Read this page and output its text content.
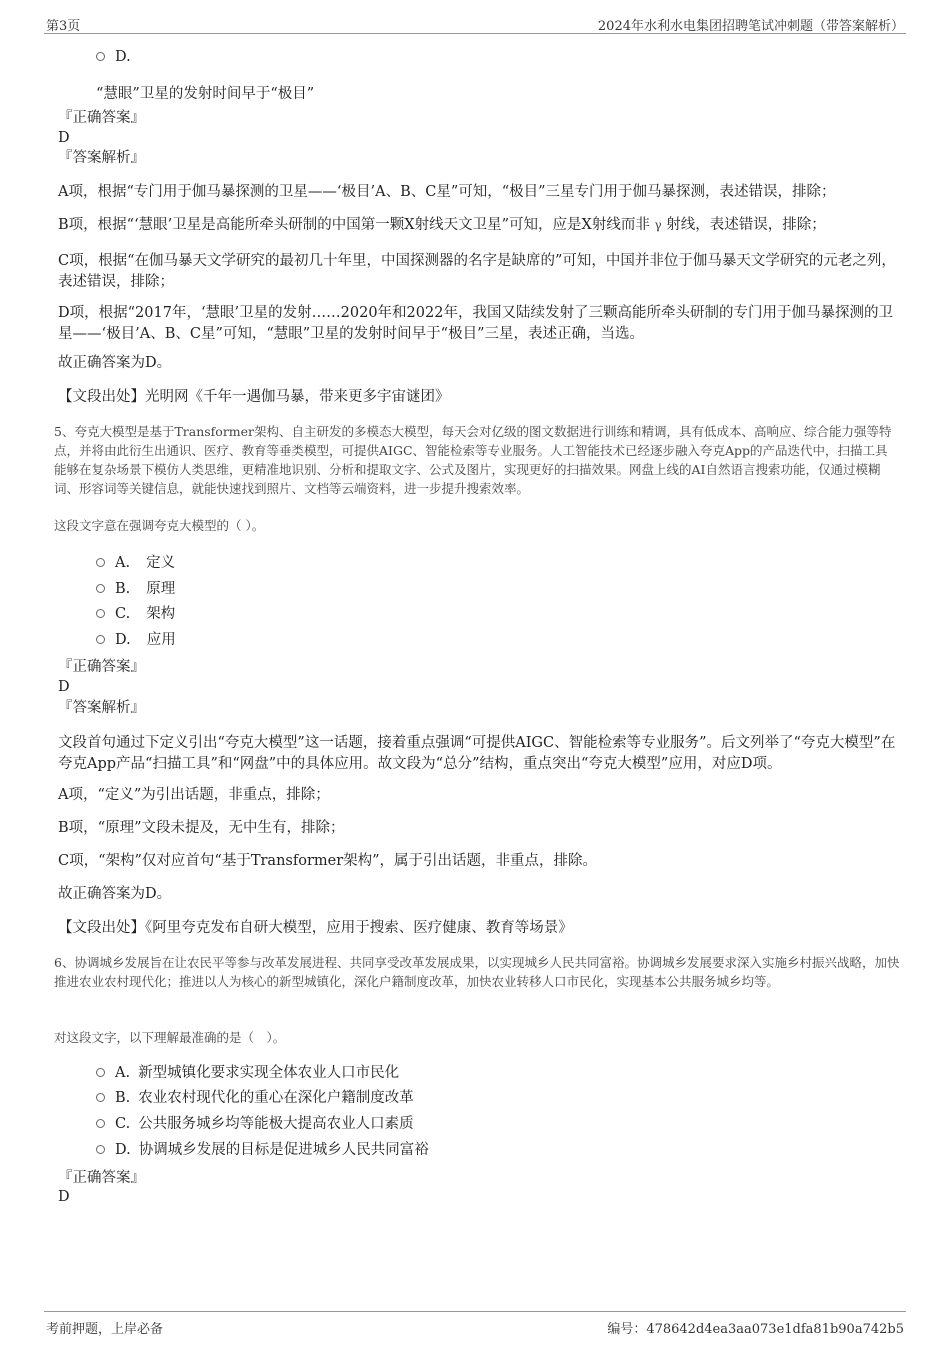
第3页	2024年水利水电集团招聘笔试冲刺题（带答案解析）
D.
“慧眼”卫星的发射时间早于“极目”
『正确答案』
D
『答案解析』
A项，根据“专门用于伽马暴探测的卫星——‘极目’A、B、C星”可知，“极目”三星专门用于伽马暴探测，表述错误，排除；
B项，根据“‘慧眼’卫星是高能所牵头研制的中国第一颗X射线天文卫星”可知，应是X射线而非 γ 射线，表述错误，排除；
C项，根据“在伽马暴天文学研究的最初几十年里，中国探测器的名字是缺席的”可知，中国并非位于伽马暴天文学研究的元老之列，表述错误，排除；
D项，根据“2017年，‘慧眼’卫星的发射……2020年和2022年，我国又陆续发射了三颗高能所牵头研制的专门用于伽马暴探测的卫星——‘极目’A、B、C星”可知，“慧眼”卫星的发射时间早于“极目”三星，表述正确，当选。
故正确答案为D。
【文段出处】光明网《千年一遇伽马暴，带来更多宇宙谜团》
5、夸克大模型是基于Transformer架构、自主研发的多模态大模型，每天会对亿级的图文数据进行训练和精调，具有低成本、高响应、综合能力强等特点，并将由此衍生出通识、医疗、教育等垂类模型，可提供AIGC、智能检索等专业服务。人工智能技术已经逐步融入夸克App的产品迭代中，扫描工具能够在复杂场景下模仿人类思维，更精准地识别、分析和提取文字、公式及图片，实现更好的扫描效果。网盘上线的AI自然语言搜索功能，仅通过模糊词、形容词等关键信息，就能快速找到照片、文档等云端资料，进一步提升搜索效率。
这段文字意在强调夸克大模型的（ ）。
A. 定义
B. 原理
C. 架构
D. 应用
『正确答案』
D
『答案解析』
文段首句通过下定义引出“夸克大模型”这一话题，接着重点强调“可提供AIGC、智能检索等专业服务”。后文列举了“夸克大模型”在夸克App产品“扫描工具”和“网盘”中的具体应用。故文段为“总分”结构，重点突出“夸克大模型”应用，对应D项。
A项，“定义”为引出话题，非重点，排除；
B项，“原理”文段未提及，无中生有，排除；
C项，“架构”仅对应首句“基于Transformer架构”，属于引出话题，非重点，排除。
故正确答案为D。
【文段出处】《阿里夸克发布自研大模型，应用于搜索、医疗健康、教育等场景》
6、协调城乡发展旨在让农民平等参与改革发展进程、共同享受改革发展成果，以实现城乡人民共同富裕。协调城乡发展要求深入实施乡村振兴战略，加快推进农业农村现代化；推进以人为核心的新型城镇化，深化户籍制度改革，加快农业转移人口市民化，实现基本公共服务城乡均等。
对这段文字，以下理解最准确的是（　）。
A. 新型城镇化要求实现全体农业人口市民化
B. 农业农村现代化的重心在深化户籍制度改革
C. 公共服务城乡均等能极大提高农业人口素质
D. 协调城乡发展的目标是促进城乡人民共同富裕
『正确答案』
D
考前押题，上岸必备	编号：478642d4ea3aa073e1dfa81b90a742b5
